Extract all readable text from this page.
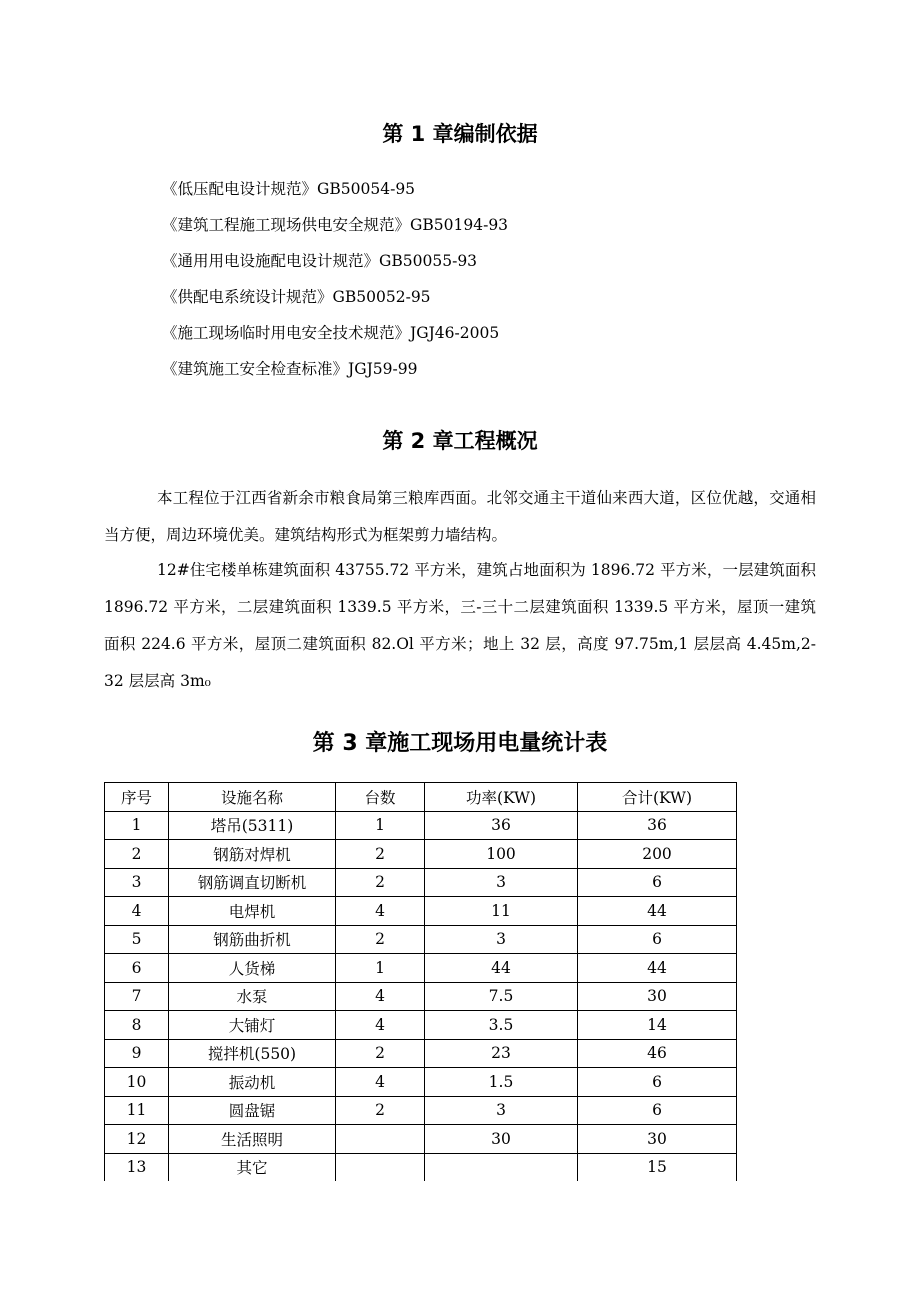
第 1 章编制依据
《低压配电设计规范》GB50054-95
《建筑工程施工现场供电安全规范》GB50194-93
《通用用电设施配电设计规范》GB50055-93
《供配电系统设计规范》GB50052-95
《施工现场临时用电安全技术规范》JGJ46-2005
《建筑施工安全检查标准》JGJ59-99
第 2 章工程概况

本工程位于江西省新余市粮食局第三粮库西面。北邻交通主干道仙来西大道，区位优越，交通相当方便，周边环境优美。建筑结构形式为框架剪力墙结构。

12#住宅楼单栋建筑面积 43755.72 平方米，建筑占地面积为 1896.72 平方米，一层建筑面积 1896.72 平方米，二层建筑面积 1339.5 平方米，三-三十二层建筑面积 1339.5 平方米，屋顶一建筑面积 224.6 平方米，屋顶二建筑面积 82.Ol 平方米；地上 32 层，高度 97.75m,1 层层高 4.45m,2-32 层层高 3m₀

第 3 章施工现场用电量统计表
序号	设施名称	台数	功率(KW)	合计(KW)
1	塔吊(5311)	1	36	36
2	钢筋对焊机	2	100	200
3	钢筋调直切断机	2	3	6
4	电焊机	4	11	44
5	钢筋曲折机	2	3	6
6	人货梯	1	44	44
7	水泵	4	7.5	30
8	大铺灯	4	3.5	14
9	搅拌机(550)	2	23	46
10	振动机	4	1.5	6
11	圆盘锯	2	3	6
12	生活照明		30	30
13	其它			15
